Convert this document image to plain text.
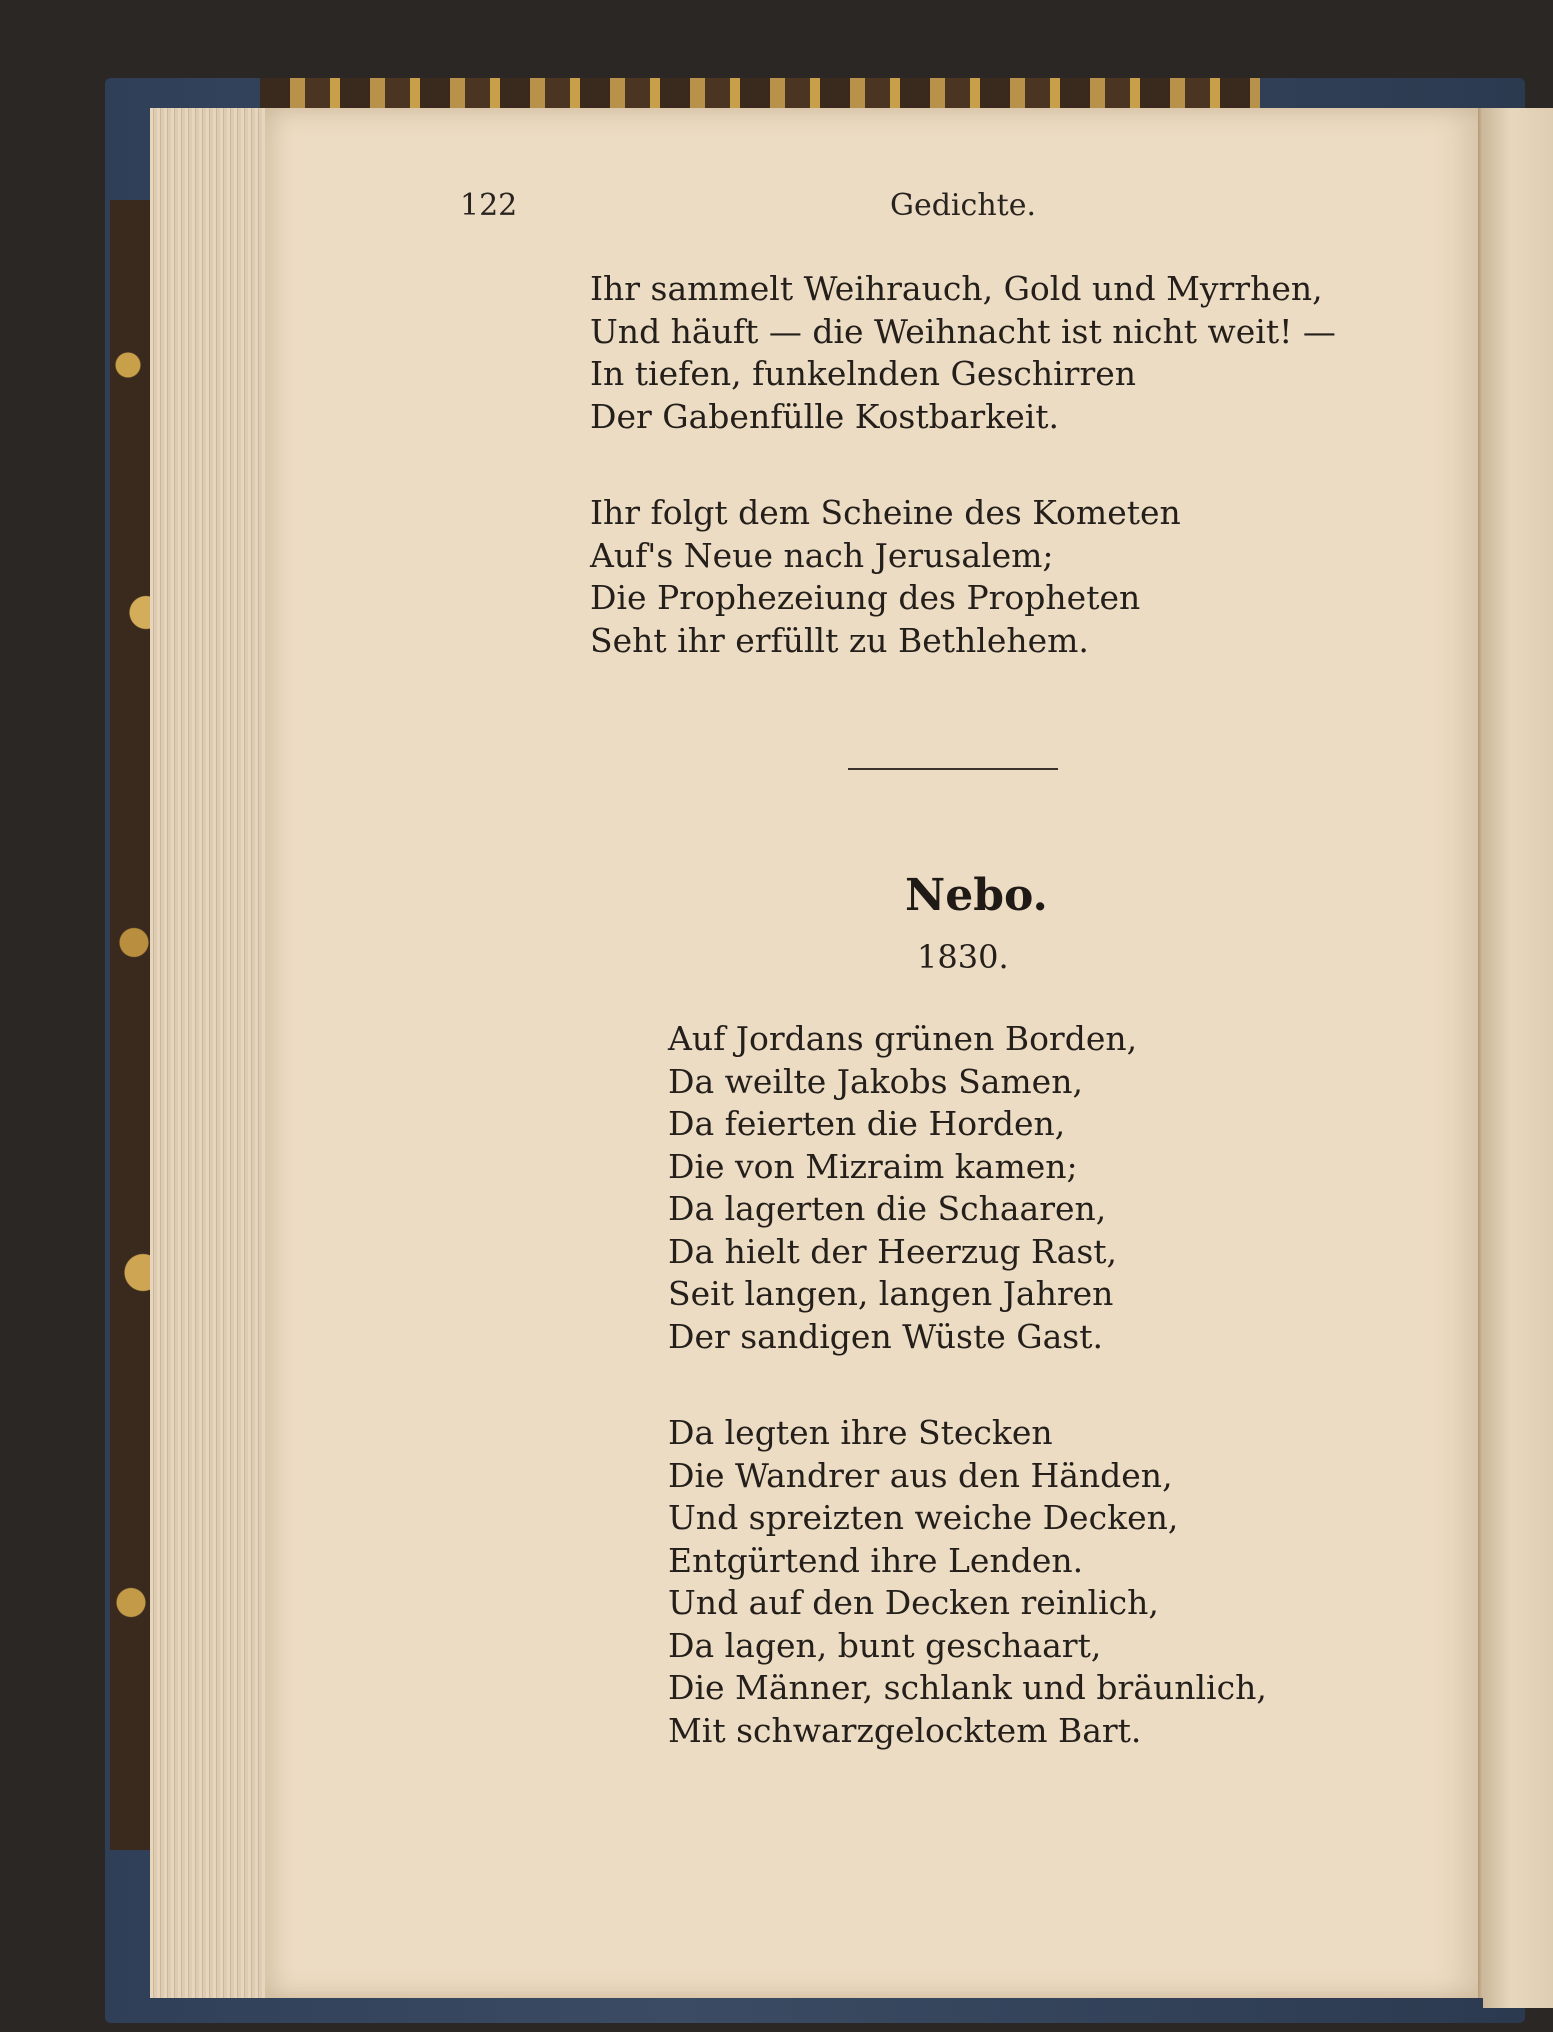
122	Gedichte.
Ihr sammelt Weihrauch, Gold und Myrrhen,
Und häuft — die Weihnacht ist nicht weit! —
In tiefen, funkelnden Geschirren
Der Gabenfülle Kostbarkeit.
Ihr folgt dem Scheine des Kometen
Auf's Neue nach Jerusalem;
Die Prophezeiung des Propheten
Seht ihr erfüllt zu Bethlehem.
Nebo.
1830.
Auf Jordans grünen Borden,
Da weilte Jakobs Samen,
Da feierten die Horden,
Die von Mizraim kamen;
Da lagerten die Schaaren,
Da hielt der Heerzug Rast,
Seit langen, langen Jahren
Der sandigen Wüste Gast.
Da legten ihre Stecken
Die Wandrer aus den Händen,
Und spreizten weiche Decken,
Entgürtend ihre Lenden.
Und auf den Decken reinlich,
Da lagen, bunt geschaart,
Die Männer, schlank und bräunlich,
Mit schwarzgelocktem Bart.
